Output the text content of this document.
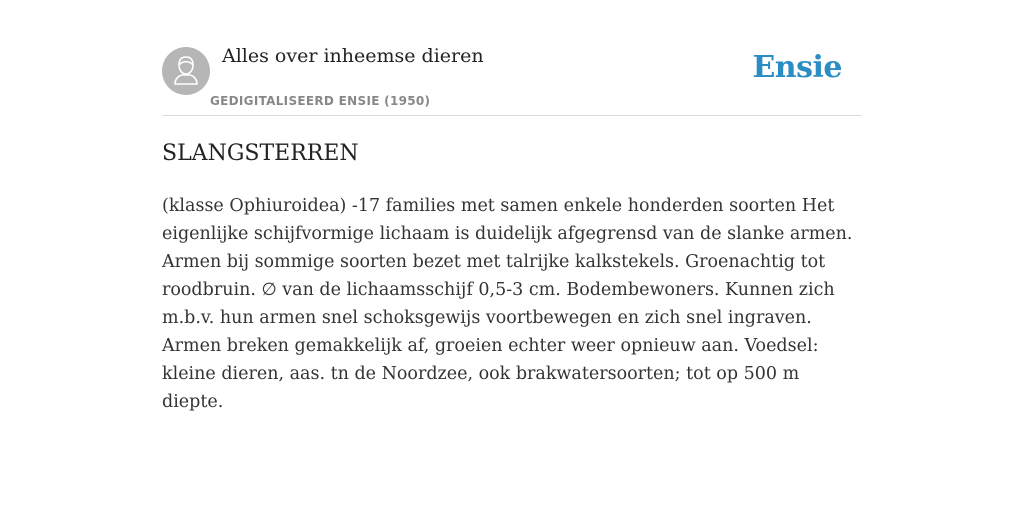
Alles over inheemse dieren
GEDIGITALISEERD ENSIE (1950)
Ensie
SLANGSTERREN

(klasse Ophiuroidea) -17 families met samen enkele honderden soorten Het eigenlijke schijfvormige lichaam is duidelijk afgegrensd van de slanke armen. Armen bij sommige soorten bezet met talrijke kalkstekels. Groenachtig tot roodbruin. ∅ van de lichaamsschijf 0,5-3 cm. Bodembewoners. Kunnen zich m.b.v. hun armen snel schoksgewijs voortbewegen en zich snel ingraven. Armen breken gemakkelijk af, groeien echter weer opnieuw aan. Voedsel: kleine dieren, aas. tn de Noordzee, ook brakwatersoorten; tot op 500 m diepte.
